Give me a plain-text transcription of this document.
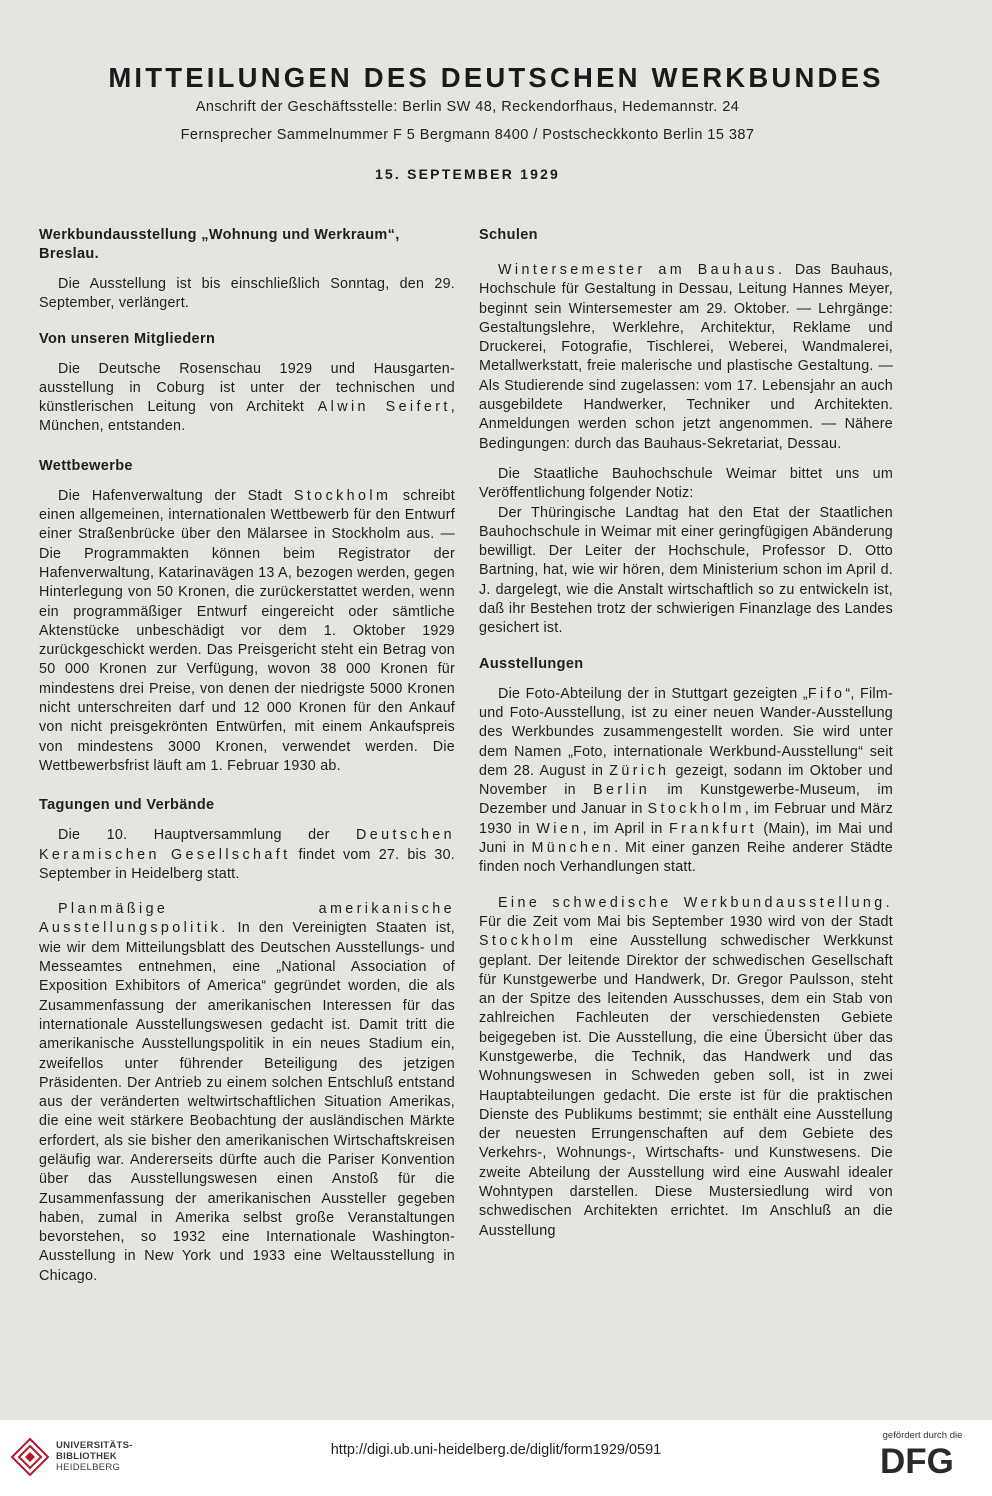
MITTEILUNGEN DES DEUTSCHEN WERKBUNDES
Anschrift der Geschäftsstelle: Berlin SW 48, Reckendorfhaus, Hedemannstr. 24
Fernsprecher Sammelnummer F 5 Bergmann 8400 / Postscheckkonto Berlin 15 387
15. SEPTEMBER 1929
Werkbundausstellung „Wohnung und Werkraum“, Breslau.

Die Ausstellung ist bis einschließlich Sonntag, den 29. September, verlängert.

Von unseren Mitgliedern

Die Deutsche Rosenschau 1929 und Hausgarten-ausstellung in Coburg ist unter der technischen und künstlerischen Leitung von Architekt Alwin Seifert, München, entstanden.

Wettbewerbe

Die Hafenverwaltung der Stadt Stockholm schreibt einen allgemeinen, internationalen Wettbewerb für den Entwurf einer Straßenbrücke über den Mälarsee in Stockholm aus. — Die Programmakten können beim Registrator der Hafenverwaltung, Katarinavägen 13 A, bezogen werden, gegen Hinterlegung von 50 Kronen, die zurückerstattet werden, wenn ein programmäßiger Entwurf eingereicht oder sämtliche Aktenstücke unbeschädigt vor dem 1. Oktober 1929 zurückgeschickt werden. Das Preisgericht steht ein Betrag von 50 000 Kronen zur Verfügung, wovon 38 000 Kronen für mindestens drei Preise, von denen der niedrigste 5000 Kronen nicht unterschreiten darf und 12 000 Kronen für den Ankauf von nicht preisgekrönten Entwürfen, mit einem Ankaufspreis von mindestens 3000 Kronen, verwendet werden. Die Wettbewerbsfrist läuft am 1. Februar 1930 ab.

Tagungen und Verbände

Die 10. Hauptversammlung der Deutschen Keramischen Gesellschaft findet vom 27. bis 30. September in Heidelberg statt.

Planmäßige amerikanische Ausstellungspolitik. In den Vereinigten Staaten ist, wie wir dem Mitteilungsblatt des Deutschen Ausstellungs- und Messeamtes entnehmen, eine „National Association of Exposition Exhibitors of America“ gegründet worden, die als Zusammenfassung der amerikanischen Interessen für das internationale Ausstellungswesen gedacht ist. Damit tritt die amerikanische Ausstellungspolitik in ein neues Stadium ein, zweifellos unter führender Beteiligung des jetzigen Präsidenten. Der Antrieb zu einem solchen Entschluß entstand aus der veränderten weltwirtschaftlichen Situation Amerikas, die eine weit stärkere Beobachtung der ausländischen Märkte erfordert, als sie bisher den amerikanischen Wirtschaftskreisen geläufig war. Andererseits dürfte auch die Pariser Konvention über das Ausstellungswesen einen Anstoß für die Zusammenfassung der amerikanischen Aussteller gegeben haben, zumal in Amerika selbst große Veranstaltungen bevorstehen, so 1932 eine Internationale Washington-Ausstellung in New York und 1933 eine Weltausstellung in Chicago.

Schulen

Wintersemester am Bauhaus. Das Bauhaus, Hochschule für Gestaltung in Dessau, Leitung Hannes Meyer, beginnt sein Wintersemester am 29. Oktober. — Lehrgänge: Gestaltungslehre, Werklehre, Architektur, Reklame und Druckerei, Fotografie, Tischlerei, Weberei, Wandmalerei, Metallwerkstatt, freie malerische und plastische Gestaltung. — Als Studierende sind zugelassen: vom 17. Lebensjahr an auch ausgebildete Handwerker, Techniker und Architekten. Anmeldungen werden schon jetzt angenommen. — Nähere Bedingungen: durch das Bauhaus-Sekretariat, Dessau.

Die Staatliche Bauhochschule Weimar bittet uns um Veröffentlichung folgender Notiz:

Der Thüringische Landtag hat den Etat der Staatlichen Bauhochschule in Weimar mit einer geringfügigen Abänderung bewilligt. Der Leiter der Hochschule, Professor D. Otto Bartning, hat, wie wir hören, dem Ministerium schon im April d. J. dargelegt, wie die Anstalt wirtschaftlich so zu entwickeln ist, daß ihr Bestehen trotz der schwierigen Finanzlage des Landes gesichert ist.

Ausstellungen

Die Foto-Abteilung der in Stuttgart gezeigten „Fifo“, Film- und Foto-Ausstellung, ist zu einer neuen Wander-Ausstellung des Werkbundes zusammengestellt worden. Sie wird unter dem Namen „Foto, internationale Werkbund-Ausstellung“ seit dem 28. August in Zürich gezeigt, sodann im Oktober und November in Berlin im Kunstgewerbe-Museum, im Dezember und Januar in Stockholm, im Februar und März 1930 in Wien, im April in Frankfurt (Main), im Mai und Juni in München. Mit einer ganzen Reihe anderer Städte finden noch Verhandlungen statt.

Eine schwedische Werkbundausstellung. Für die Zeit vom Mai bis September 1930 wird von der Stadt Stockholm eine Ausstellung schwedischer Werkkunst geplant. Der leitende Direktor der schwedischen Gesellschaft für Kunstgewerbe und Handwerk, Dr. Gregor Paulsson, steht an der Spitze des leitenden Ausschusses, dem ein Stab von zahlreichen Fachleuten der verschiedensten Gebiete beigegeben ist. Die Ausstellung, die eine Übersicht über das Kunstgewerbe, die Technik, das Handwerk und das Wohnungswesen in Schweden geben soll, ist in zwei Hauptabteilungen gedacht. Die erste ist für die praktischen Dienste des Publikums bestimmt; sie enthält eine Ausstellung der neuesten Errungenschaften auf dem Gebiete des Verkehrs-, Wohnungs-, Wirtschafts- und Kunstwesens. Die zweite Abteilung der Ausstellung wird eine Auswahl idealer Wohntypen darstellen. Diese Mustersiedlung wird von schwedischen Architekten errichtet. Im Anschluß an die Ausstellung

UNIVERSITÄTS-
BIBLIOTHEK
HEIDELBERG
http://digi.ub.uni-heidelberg.de/diglit/form1929/0591
gefördert durch die
DFG
